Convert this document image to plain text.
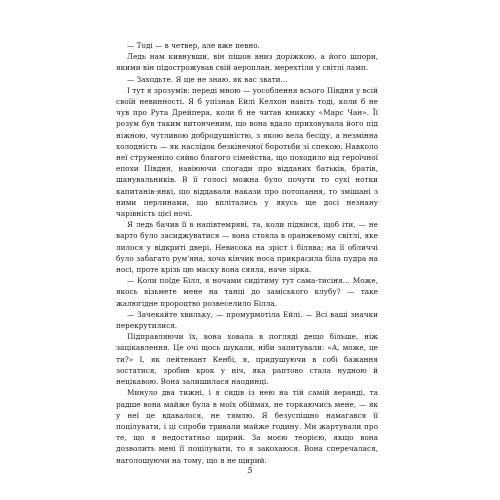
— Тоді — в четвер, але вже певно.

Ледь нам кивнувши, він пішов вниз доріжкою, а його шпори, якими він підострожував свій аероплан, мерехтіли у світлі ламп.

— Заходьте. Я ще не знаю, як вас звати…

І тут я зрозумів: переді мною — уособлення всього Півдня у всій своїй невинності. Я б упізнав Ейлі Келхон навіть тоді, коли б не чув про Рута Дрейпера, коли б не читав книжку «Марс Чан». Її розум був таким витонченим, що вона вдало приховувала його під ніжною, чутливою добродушністю, з якою вела бесіду, а незмінна холодність — як наслідок безкінечної боротьби зі спекою. Навколо неї струменіло сяйво благого сімейства, що походило від героїчної епохи Півдня, навіюючи спогади про відданих батьків, братів, шанувальників. В її голосі можна було почути то сухі нотки капитанів-янкі, що віддавали накази про потопання, то змішані з ними перлинами, що вплітались у якусь ще досі незнану чарівність цієї ночі.

Я ледь бачив її в напівтемряві, та, коли підвівся, щоб іти, — не варто було засиджуватися — вона стояла в оранжевому світлі, яке лилося у відкриті двері. Невисока на зріст і білява; на її обличчі було забагато рум'яна, хоча кінчик носа прикрасила біла пудра на носі, проте крізь цю маску вона сяяла, наче зірка.

— Коли поїде Білл, я ночами сидітиму тут сама-тисіня… Може, якось візьмете мене на танці до заміського клубу? — таке жалюгідне пророцтво розвеселило Білла.

— Зачекайте хвильку, — промурмотіла Ейлі. — Всі ваші значки перекрутилися.

Підправляючи їх, вона ховала в погляді дещо більше, ніж зацікавлення. Це очі щось шукали, ніби запитували: «А, може, це ти?» І, як лейтенант Кенбі, я, придушуючи в собі бажання зостатися, зробив крок у ніч, яка раптово стала нудною й нецікавою. Вона залишилася наодинці.

Минуло два тижні, і я сидів із нею на тій самій веранді, та радше вона майже була в моїх обіймах, не торкаючись мене, — як у неї це вдавалося, не тямлю. Я безуспішно намагався її поцілувати, і ці спроби тривали майже годину. Ми жартували про те, що я недостатньо щирий. За моєю теорією, якщо вона дозволить мені її поцілувати, то я закохаюся. Вона сперечалася, наголошуючи на тому, що я не щирий.

5
